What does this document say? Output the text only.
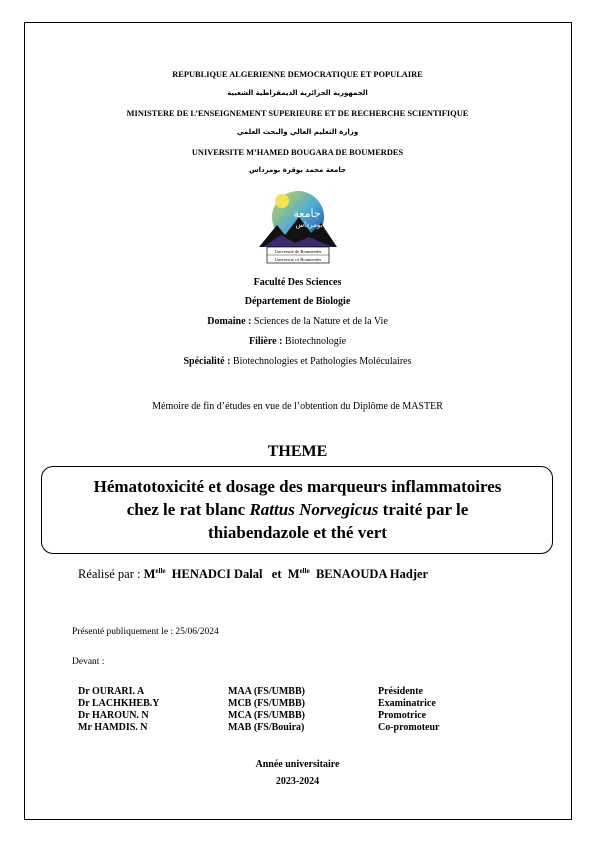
REPUBLIQUE ALGERIENNE DEMOCRATIQUE ET POPULAIRE
الجمهورية الجزائرية الديمقراطية الشعبية
MINISTERE DE L’ENSEIGNEMENT SUPERIEURE ET DE RECHERCHE SCIENTIFIQUE
وزارة التعليم العالي والبحث العلمي
UNIVERSITE M’HAMED BOUGARA DE BOUMERDES
جامعة محمد بوقرة بومرداس
جامعة
بومرداس
Université de Boumerdes
University of Boumerdes
Faculté Des Sciences
Département de Biologie
Domaine : Sciences de la Nature et de la Vie
Filière : Biotechnologie
Spécialité : Biotechnologies et Pathologies Moléculaires
Mémoire de fin d’études en vue de l’obtention du Diplôme de MASTER
THEME
Hématotoxicité et dosage des marqueurs inflammatoires
chez le rat blanc Rattus Norvegicus traité par le
thiabendazole et thé vert
Réalisé par : $M^{elle}$  HENADCI Dalal   et  $M^{elle}$  BENAOUDA Hadjer
Présenté publiquement le : 25/06/2024
Devant :
Dr OURARI. A	MAA (FS/UMBB)	Présidente
Dr LACHKHEB.Y	MCB (FS/UMBB)	Examinatrice
Dr HAROUN. N	MCA (FS/UMBB)	Promotrice
Mr HAMDIS. N	MAB (FS/Bouira)	Co-promoteur
Année universitaire
2023-2024
